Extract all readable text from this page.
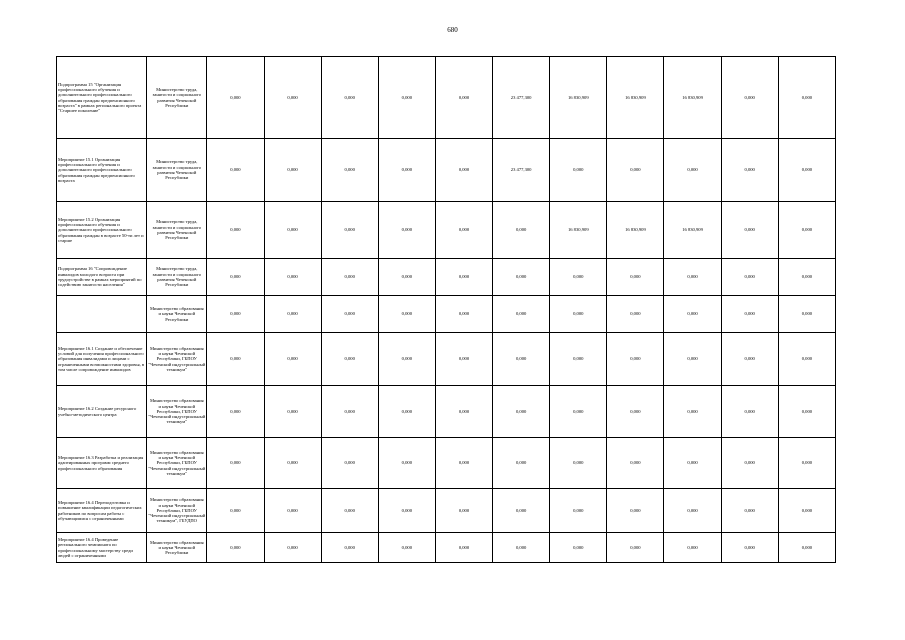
680
Подпрограмма 15 "Организация профессионального обучения и дополнительного профессионального образования граждан предпенсионного возраста" в рамках регионального проекта "Старшее поколение"	Министерство труда, занятости и социального развития Чеченской Республики	0,000	0,000	0,000	0,000	0,000	23 477,300	16 830,909	16 830,909	16 830,909	0,000	0,000
Мероприятие 15.1 Организация профессионального обучения и дополнительного профессионального образования граждан предпенсионного возраста	Министерство труда, занятости и социального развития Чеченской Республики	0,000	0,000	0,000	0,000	0,000	23 477,300	0,000	0,000	0,000	0,000	0,000
Мероприятие 15.2 Организация профессионального обучения и дополнительного профессионального образования граждан в возрасте 50-ти лет и старше	Министерство труда, занятости и социального развития Чеченской Республики	0,000	0,000	0,000	0,000	0,000	0,000	16 830,909	16 830,909	16 830,909	0,000	0,000
Подпрограмма 16 "Сопровождение инвалидов молодого возраста при трудоустройстве в рамках мероприятий по содействию занятости населения"	Министерство труда, занятости и социального развития Чеченской Республики	0,000	0,000	0,000	0,000	0,000	0,000	0,000	0,000	0,000	0,000	0,000
	Министерство образования и науки Чеченской Республики	0,000	0,000	0,000	0,000	0,000	0,000	0,000	0,000	0,000	0,000	0,000
Мероприятие 16.1 Создание и обеспечение условий для получения профессионального образования инвалидами и лицами с ограниченными возможностями здоровья, в том числе сопровождение инвалидов	Министерство образования и науки Чеченской Республики, ГБПОУ "Чеченский индустриальный техникум"	0,000	0,000	0,000	0,000	0,000	0,000	0,000	0,000	0,000	0,000	0,000
Мероприятие 16.2 Создание ресурсного учебно-методического центра	Министерство образования и науки Чеченской Республики, ГБПОУ "Чеченский индустриальный техникум"	0,000	0,000	0,000	0,000	0,000	0,000	0,000	0,000	0,000	0,000	0,000
Мероприятие 16.3 Разработка и реализация адаптированных программ среднего профессионального образования	Министерство образования и науки Чеченской Республики, ГБПОУ "Чеченский индустриальный техникум"	0,000	0,000	0,000	0,000	0,000	0,000	0,000	0,000	0,000	0,000	0,000
Мероприятие 16.4 Переподготовка и повышение квалификации педагогических работников по вопросам работы с обучающимися с ограниченными	Министерство образования и науки Чеченской Республики, ГБПОУ "Чеченский индустриальный техникум", ГБУДПО	0,000	0,000	0,000	0,000	0,000	0,000	0,000	0,000	0,000	0,000	0,000
Мероприятие 16.4 Проведение регионального чемпионата по профессиональному мастерству среди людей с ограниченными	Министерство образования и науки Чеченской Республики	0,000	0,000	0,000	0,000	0,000	0,000	0,000	0,000	0,000	0,000	0,000
